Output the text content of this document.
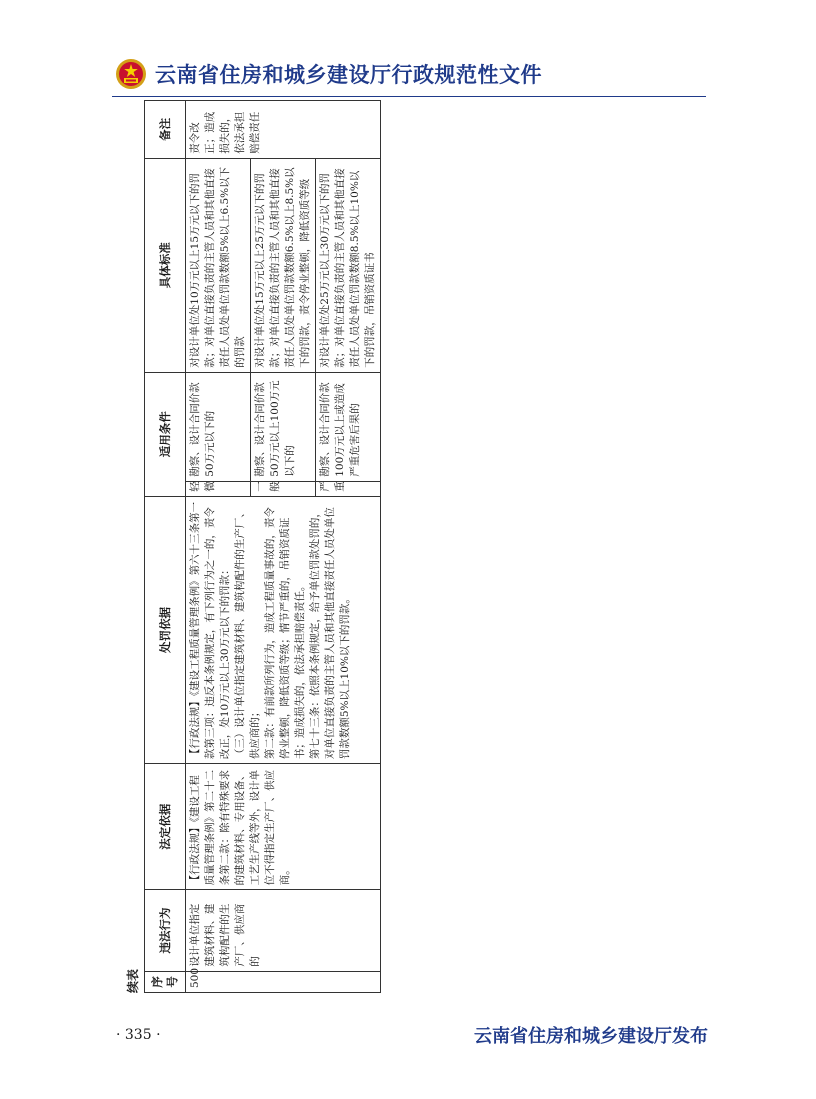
云南省住房和城乡建设厅行政规范性文件
续表 序号	违法行为	法定依据	处罚依据	适用条件		具体标准	备注
500	设计单位指定建筑材料、建筑构配件的生产厂、供应商的	【行政法规】《建设工程质量管理条例》第二十二条第二款：除有特殊要求的建筑材料、专用设备、工艺生产线等外，设计单位不得指定生产厂、供应商。	【行政法规】《建设工程质量管理条例》第六十三条第一款第三项：违反本条例规定，有下列行为之一的，责令改正，处10万元以上30万元以下的罚款： （三）设计单位指定建筑材料、建筑构配件的生产厂、供应商的； 第二款：有前款所列行为，造成工程质量事故的，责令停业整顿，降低资质等级；情节严重的，吊销资质证书；造成损失的，依法承担赔偿责任。 第七十三条：依照本条例规定，给予单位罚款处罚的，对单位直接负责的主管人员和其他直接责任人员处单位罚款数额5%以上10%以下的罚款。	轻微	勘察、设计合同价款50万元以下的	对设计单位处10万元以上15万元以下的罚款；对单位直接负责的主管人员和其他直接责任人员处单位罚款数额5%以上6.5%以下的罚款	责令改正；造成损失的，依法承担赔偿责任
				一般	勘察、设计合同价款50万元以上100万元以下的	对设计单位处15万元以上25万元以下的罚款；对单位直接负责的主管人员和其他直接责任人员处单位罚款数额6.5%以上8.5%以下的罚款，责令停业整顿，降低资质等级	
				严重	勘察、设计合同价款100万元以上或造成严重危害后果的	对设计单位处25万元以上30万元以下的罚款；对单位直接负责的主管人员和其他直接责任人员处单位罚款数额8.5%以上10%以下的罚款，吊销资质证书	
· 335 ·	云南省住房和城乡建设厅发布
